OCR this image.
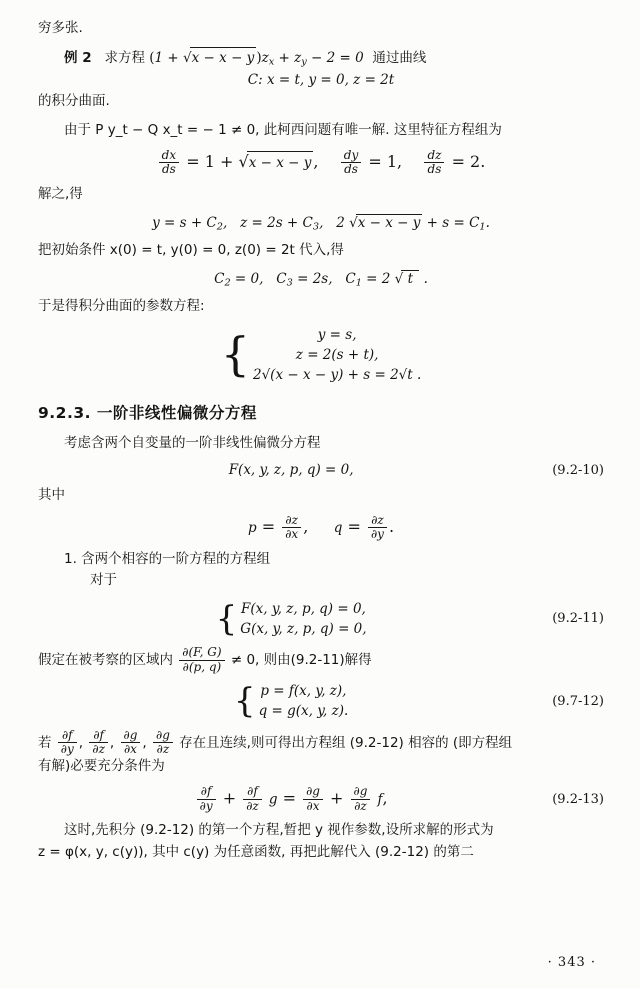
穷多张.

例 2   求方程 (1 + √x − x − y )$z_x + z_y - 2 = 0$  通过曲线
C: x = t, y = 0, z = 2t
的积分曲面.
由于 P y_t − Q x_t = − 1 ≠ 0, 此柯西问题有唯一解. 这里特征方程组为
$\frac{dx}{ds} = 1 + √x - x - y$ , $\frac{dy}{ds} = 1$, $\frac{dz}{ds} = 2$.
解之,得
$y = s + C_2$,   $z = 2s + C_3$,   2 $√x - x - y + s = C_1$.
把初始条件 x(0) = t, y(0) = 0, z(0) = 2t 代入,得
$C_2 = 0$,   $C_3 = 2s$,   $C_1 = 2$ √ t  .
于是得积分曲面的参数方程:
{	y = s,
z = 2(s + t),
2√(x − x − y) + s = 2√t .
9.2.3. 一阶非线性偏微分方程
考虑含两个自变量的一阶非线性偏微分方程
F(x, y, z, p, q) = 0,	(9.2-10)
其中
$p = \frac{\partial z}{\partial x}$ ,     $q = \frac{\partial z}{\partial y}$ .
1. 含两个相容的一阶方程的方程组
对于
{ F(x, y, z, p, q) = 0,
G(x, y, z, p, q) = 0,
(9.2-11)
假定在被考察的区域内 $\frac{\partial(F, G)}{\partial(p, q)} \ne 0$, 则由(9.2-11)解得
{ p = f(x, y, z),
q = g(x, y, z).
(9.7-12)
若 $\frac{\partial f}{\partial y}$ , $\frac{\partial f}{\partial z}$ , $\frac{\partial g}{\partial x}$ , $\frac{\partial g}{\partial z}$ 存在且连续,则可得出方程组 (9.2-12) 相容的 (即方程组
有解)必要充分条件为
$\frac{\partial f}{\partial y} + \frac{\partial f}{\partial z}$ $g = \frac{\partial g}{\partial x} + \frac{\partial g}{\partial z} f$,	(9.2-13)
这时,先积分 (9.2-12) 的第一个方程,暂把 y 视作参数,设所求解的形式为
z = φ(x, y, c(y)), 其中 c(y) 为任意函数, 再把此解代入 (9.2-12) 的第二
· 343 ·
